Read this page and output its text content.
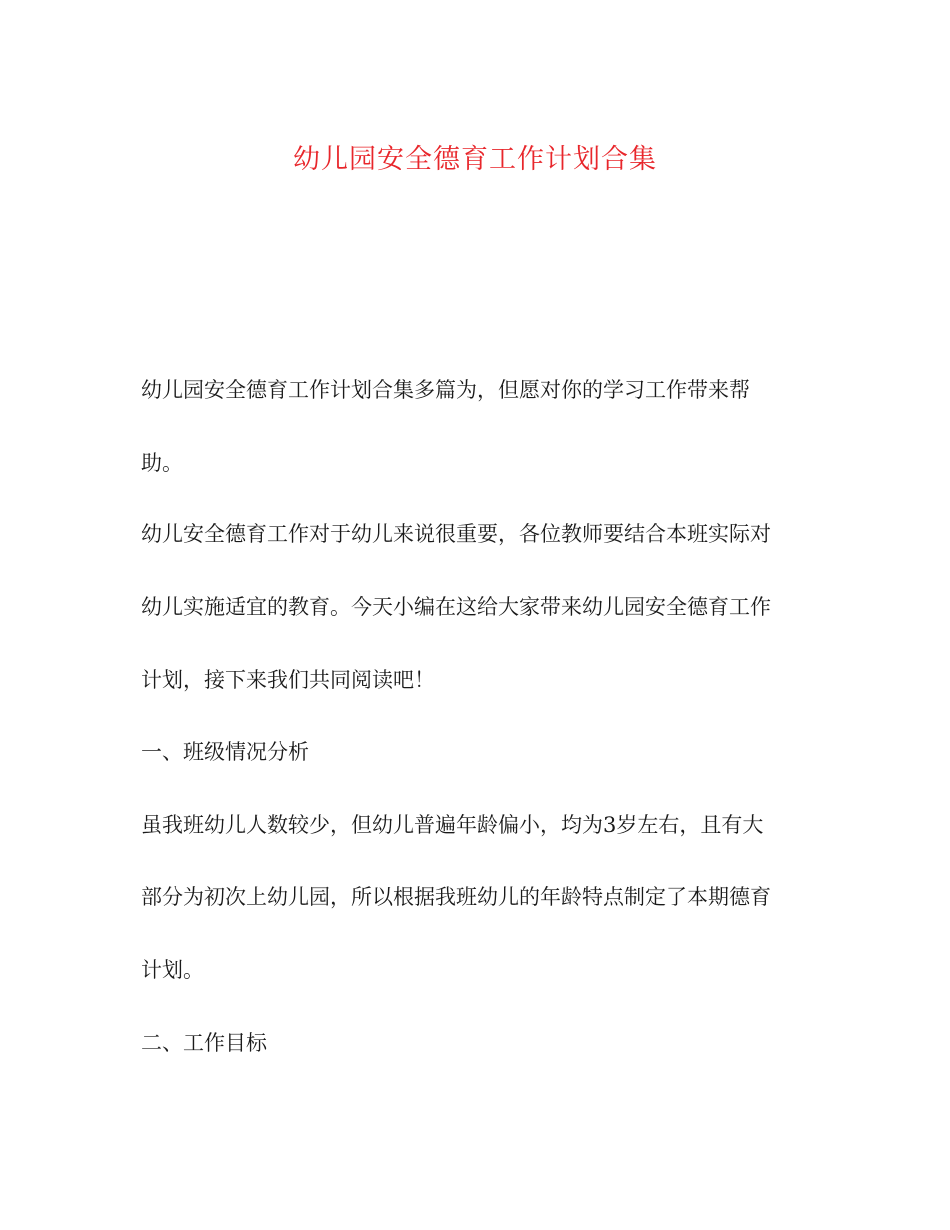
幼儿园安全德育工作计划合集
幼儿园安全德育工作计划合集多篇为，但愿对你的学习工作带来帮
助。
幼儿安全德育工作对于幼儿来说很重要，各位教师要结合本班实际对
幼儿实施适宜的教育。今天小编在这给大家带来幼儿园安全德育工作
计划，接下来我们共同阅读吧！
一、班级情况分析
虽我班幼儿人数较少，但幼儿普遍年龄偏小，均为3岁左右，且有大
部分为初次上幼儿园，所以根据我班幼儿的年龄特点制定了本期德育
计划。
二、工作目标
